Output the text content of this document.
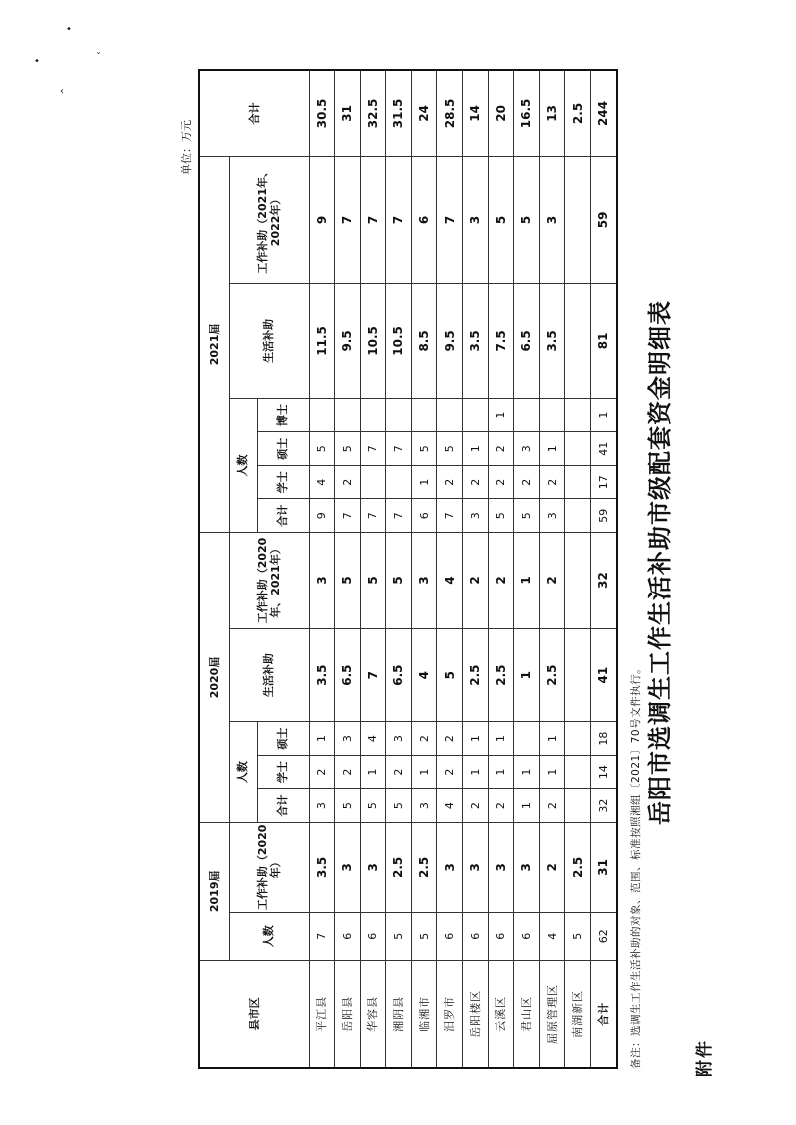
•
•	ˇ
‹
附件
岳阳市选调生工作生活补助市级配套资金明细表
单位：万元
县市区	2019届		2020届					2021届						合计
	人数	工作补助（2020年）	人数			生活补助	工作补助（2020年、2021年）	人数				生活补助	工作补助（2021年、2022年）	
			合计	学士	硕士			合计	学士	硕士	博士			
平江县	7	3.5	3	2	1	3.5	3	9	4	5		11.5	9	30.5
岳阳县	6	3	5	2	3	6.5	5	7	2	5		9.5	7	31
华容县	6	3	5	1	4	7	5	7		7		10.5	7	32.5
湘阴县	5	2.5	5	2	3	6.5	5	7		7		10.5	7	31.5
临湘市	5	2.5	3	1	2	4	3	6	1	5		8.5	6	24
汨罗市	6	3	4	2	2	5	4	7	2	5		9.5	7	28.5
岳阳楼区	6	3	2	1	1	2.5	2	3	2	1		3.5	3	14
云溪区	6	3	2	1	1	2.5	2	5	2	2	1	7.5	5	20
君山区	6	3	1	1		1	1	5	2	3		6.5	5	16.5
屈原管理区	4	2	2	1	1	2.5	2	3	2	1		3.5	3	13
南湖新区	5	2.5												2.5
合计	62	31	32	14	18	41	32	59	17	41	1	81	59	244
备注：选调生工作生活补助的对象、范围、标准按照湘组〔2021〕70号文件执行。
